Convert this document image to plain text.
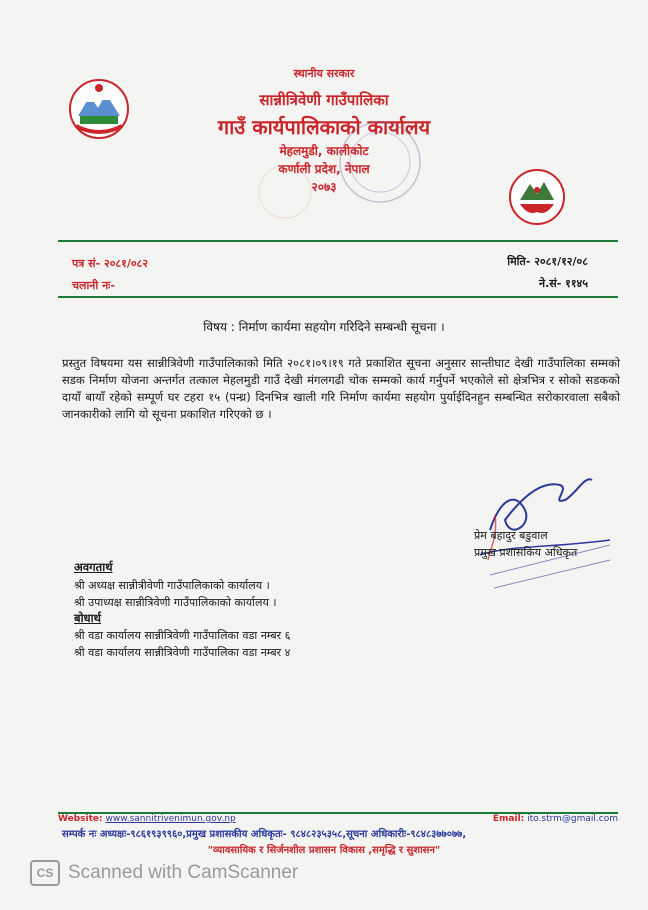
स्थानीय सरकार
सान्नीत्रिवेणी गाउँपालिका
गाउँ कार्यपालिकाको कार्यालय
मेहलमुडी, कालीकोट
कर्णाली प्रदेश, नेपाल
२०७३
पत्र सं- २०८१/०८२
चलानी नः-
मिति- २०८१/१२/०८
ने.सं- ११४५
विषय : निर्माण कार्यमा सहयोग गरिदिने सम्बन्धी सूचना ।
प्रस्तुत विषयमा यस सान्नीत्रिवेणी गाउँपालिकाको मिति २०८१।०९।१९ गते प्रकाशित सूचना अनुसार सान्तीघाट देखी गाउँपालिका सम्मको सडक निर्माण योजना अन्तर्गत तत्काल मेहलमुडी गाउँ देखी मंगलगढी चोक सम्मको कार्य गर्नुपर्ने भएकोले सो क्षेत्रभित्र र सोको सडकको दायाँ बायाँ रहेको सम्पूर्ण घर टहरा १५ (पन्ध्र) दिनभित्र खाली गरि निर्माण कार्यमा सहयोग पुर्याईदिनहुन सम्बन्धित सरोकारवाला सबैको जानकारीको लागि यो सूचना प्रकाशित गरिएको छ ।
प्रेम बहादुर बडुवाल
प्रमुख प्रशासकिय अधिकृत
अवगतार्थ
श्री अध्यक्ष सान्नीत्रीवेणी गाउँपालिकाको कार्यालय ।
श्री उपाध्यक्ष सान्नीत्रिवेणी गाउँपालिकाको कार्यालय ।
बोधार्थ
श्री वडा कार्यालय सान्नीत्रिवेणी गाउँपालिका वडा नम्बर ६
श्री वडा कार्यालय सान्नीत्रिवेणी गाउँपालिका वडा नम्बर ४
Website: www.sannitrivenimun.gov.np	Email: ito.strm@gmail.com
सम्पर्क नः अध्यक्षः-९८६१९३९९६०,प्रमुख प्रशासकीय अधिकृतः- ९८४८२३५३५८,सूचना अधिकारीः-९८४८३७७०७७,
"व्यावसायिक र सिर्जनशील प्रशासन विकास ,समृद्धि र सुशासन"
CS Scanned with CamScanner
